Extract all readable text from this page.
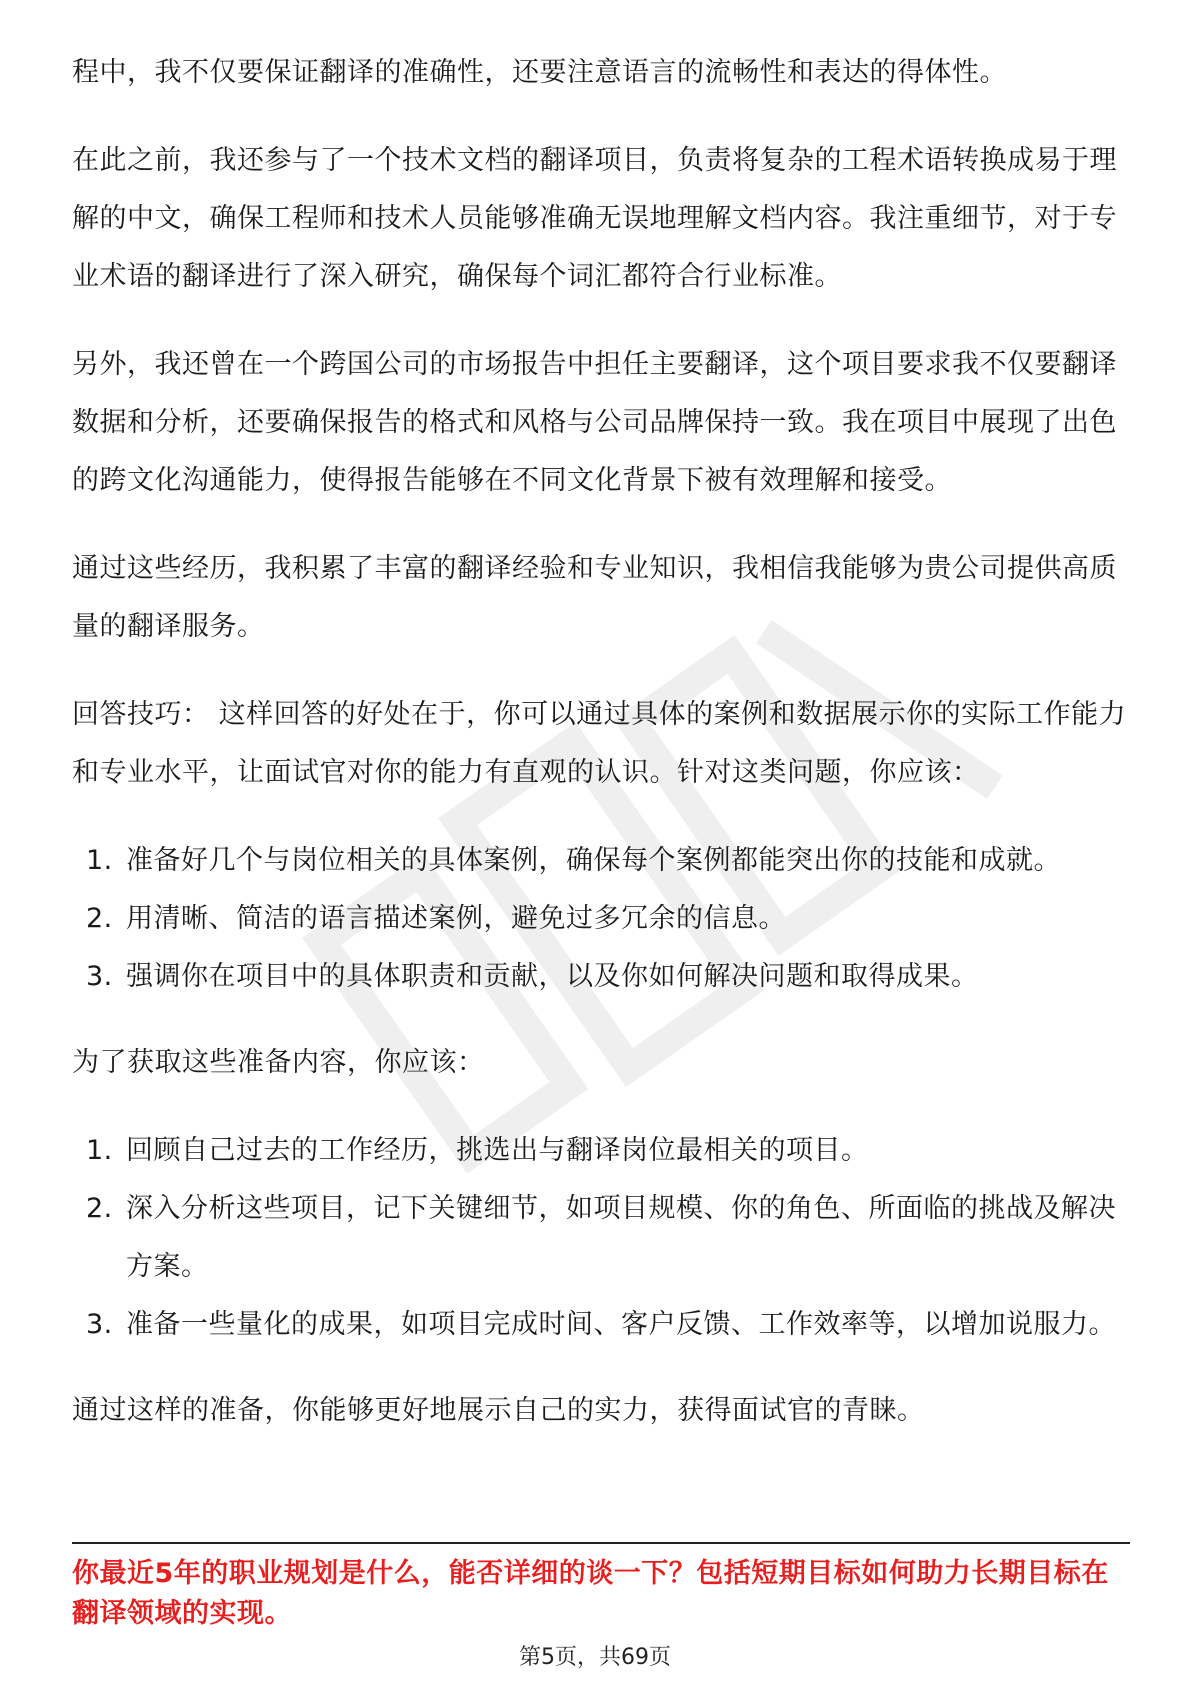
程中，我不仅要保证翻译的准确性，还要注意语言的流畅性和表达的得体性。

在此之前，我还参与了一个技术文档的翻译项目，负责将复杂的工程术语转换成易于理解的中文，确保工程师和技术人员能够准确无误地理解文档内容。我注重细节，对于专业术语的翻译进行了深入研究，确保每个词汇都符合行业标准。

另外，我还曾在一个跨国公司的市场报告中担任主要翻译，这个项目要求我不仅要翻译数据和分析，还要确保报告的格式和风格与公司品牌保持一致。我在项目中展现了出色的跨文化沟通能力，使得报告能够在不同文化背景下被有效理解和接受。

通过这些经历，我积累了丰富的翻译经验和专业知识，我相信我能够为贵公司提供高质量的翻译服务。

回答技巧： 这样回答的好处在于，你可以通过具体的案例和数据展示你的实际工作能力和专业水平，让面试官对你的能力有直观的认识。针对这类问题，你应该：

1. 准备好几个与岗位相关的具体案例，确保每个案例都能突出你的技能和成就。
2. 用清晰、简洁的语言描述案例，避免过多冗余的信息。
3. 强调你在项目中的具体职责和贡献，以及你如何解决问题和取得成果。

为了获取这些准备内容，你应该：

1. 回顾自己过去的工作经历，挑选出与翻译岗位最相关的项目。
2. 深入分析这些项目，记下关键细节，如项目规模、你的角色、所面临的挑战及解决方案。
3. 准备一些量化的成果，如项目完成时间、客户反馈、工作效率等，以增加说服力。

通过这样的准备，你能够更好地展示自己的实力，获得面试官的青睐。

你最近5年的职业规划是什么，能否详细的谈一下？包括短期目标如何助力长期目标在翻译领域的实现。
第5页，共69页
